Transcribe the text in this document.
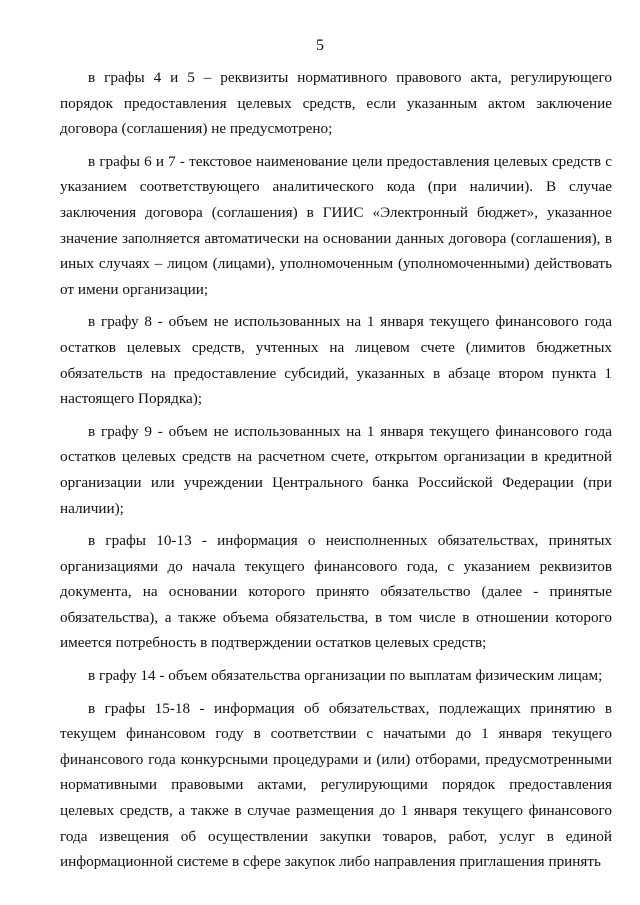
5

в графы 4 и 5 – реквизиты нормативного правового акта, регулирующего порядок предоставления целевых средств, если указанным актом заключение договора (соглашения) не предусмотрено;

в графы 6 и 7 - текстовое наименование цели предоставления целевых средств с указанием соответствующего аналитического кода (при наличии). В случае заключения договора (соглашения) в ГИИС «Электронный бюджет», указанное значение заполняется автоматически на основании данных договора (соглашения), в иных случаях – лицом (лицами), уполномоченным (уполномоченными) действовать от имени организации;

в графу 8 - объем не использованных на 1 января текущего финансового года остатков целевых средств, учтенных на лицевом счете (лимитов бюджетных обязательств на предоставление субсидий, указанных в абзаце втором пункта 1 настоящего Порядка);

в графу 9 - объем не использованных на 1 января текущего финансового года остатков целевых средств на расчетном счете, открытом организации в кредитной организации или учреждении Центрального банка Российской Федерации (при наличии);

в графы 10-13 - информация о неисполненных обязательствах, принятых организациями до начала текущего финансового года, с указанием реквизитов документа, на основании которого принято обязательство (далее - принятые обязательства), а также объема обязательства, в том числе в отношении которого имеется потребность в подтверждении остатков целевых средств;

в графу 14 - объем обязательства организации по выплатам физическим лицам;

в графы 15-18 - информация об обязательствах, подлежащих принятию в текущем финансовом году в соответствии с начатыми до 1 января текущего финансового года конкурсными процедурами и (или) отборами, предусмотренными нормативными правовыми актами, регулирующими порядок предоставления целевых средств, а также в случае размещения до 1 января текущего финансового года извещения об осуществлении закупки товаров, работ, услуг в единой информационной системе в сфере закупок либо направления приглашения принять
